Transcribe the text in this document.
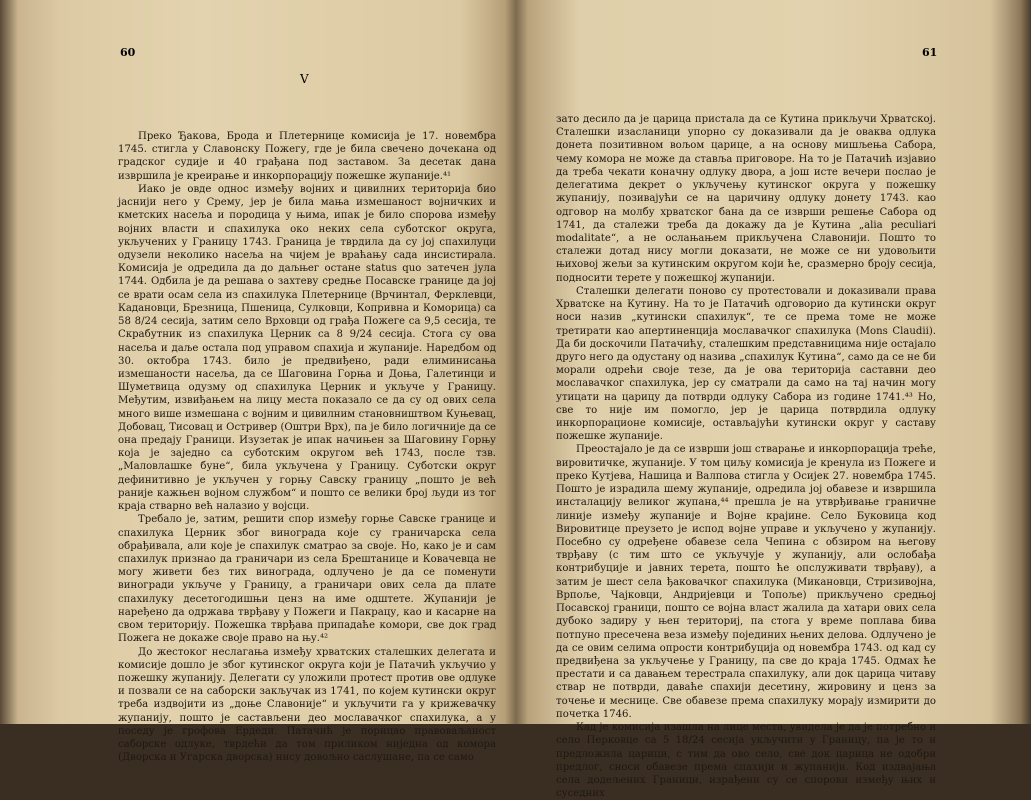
60	61
V

Преко Ђакова, Брода и Плетернице комисија је 17. новембра 1745. стигла у Славонску Пожегу, где је била свечено дочекана од градског судије и 40 грађана под заставом. За десетак дана извршила је креирање и инкорпорацију пожешке жупаније.⁴¹

Иако је овде однос између војних и цивилних територија био јаснији него у Срему, јер је била мања измешаност војничких и кметских насеља и породица у њима, ипак је било спорова између војних власти и спахилука око неких села суботског округа, укључених у Границу 1743. Граница је тврдила да су јој спахилуци одузели неколико насеља на чијем је враћању сада инсистирала. Комисија је одредила да до даљњег остане status quo затечен јула 1744. Одбила је да решава о захтеву средње Посавске границе да јој се врати осам села из спахилука Плетернице (Врчинтал, Ферклевци, Кадановци, Брезница, Пшеница, Сулковци, Копривна и Коморица) са 58 8/24 сесија, затим село Врховци од грађа Пожеге са 9,5 сесија, те Скрабутник из спахилука Церник са 8 9/24 сесија. Стога су ова насеља и даље остала под управом спахија и жупаније. Наредбом од 30. октобра 1743. било је предвиђено, ради елиминисања измешаности насеља, да се Шаговина Горња и Доња, Галетинци и Шуметвица одузму од спахилука Церник и укључе у Границу. Међутим, извиђањем на лицу места показало се да су од ових села много више измешана с војним и цивилним становништвом Куњевац, Добовац, Тисовац и Остривер (Оштри Врх), па је било логичније да се она предају Граници. Изузетак је ипак начињен за Шаговину Горњу која је заједно са суботским округом већ 1743, после тзв. „Маловлашке буне“, била укључена у Границу. Суботски округ дефинитивно је укључен у горњу Савску границу „пошто је већ раније кажњен војном службом“ и пошто се велики број људи из тог краја стварно већ налазио у војсци.

Требало је, затим, решити спор између горње Савске границе и спахилука Церник због винограда које су граничарска села обрађивала, али које је спахилук сматрао за своје. Но, како је и сам спахилук признао да граничари из села Брештанице и Ковачевца не могу живети без тих винограда, одлучено је да се поменути виногради укључе у Границу, а граничари ових села да плате спахилуку десетогодишњи ценз на име одштете. Жупанији је наређено да одржава тврђаву у Пожеги и Пакрацу, као и касарне на свом територију. Пожешка тврђава припадаће комори, све док град Пожега не докаже своје право на њу.⁴²

До жестоког неслагања између хрватских сталешких делегата и комисије дошло је због кутинског округа који је Патачић укључио у пожешку жупанију. Делегати су уложили протест против ове одлуке и позвали се на саборски закључак из 1741, по којем кутински округ треба издвојити из „доње Славоније“ и укључити га у крижевачку жупанију, пошто је састављени део мославачког спахилука, а у поседу је грофова Ердеди. Патачић је порицао правоваљаност саборске одлуке, тврдећи да том приликом ниједна од комора (Дворска и Угарска дворска) нису довољно саслушане, па се само

зато десило да је царица пристала да се Кутина прикључи Хрватској. Сталешки изасланици упорно су доказивали да је оваква одлука донета позитивном вољом царице, а на основу мишљења Сабора, чему комора не може да ставља приговоре. На то је Патачић изјавио да треба чекати коначну одлуку двора, а још исте вечери послао је делегатима декрет о укључењу кутинског округа у пожешку жупанију, позивајући се на царичину одлуку донету 1743. као одговор на молбу хрватског бана да се изврши решење Сабора од 1741, да сталежи треба да докажу да је Кутина „alia peculiari modalitate“, а не ослањањем прикључена Славонији. Пошто то сталежи дотад нису могли доказати, не може се ни удовољити њиховој жељи за кутинским округом који ће, сразмерно броју сесија, подносити терете у пожешкој жупанији.

Сталешки делегати поново су протестовали и доказивали права Хрватске на Кутину. На то је Патачић одговорио да кутински округ носи назив „кутински спахилук“, те се према томе не може третирати као апертиненција мославачког спахилука (Mons Claudii). Да би доскочили Патачићу, сталешким представницима није остајало друго него да одустану од назива „спахилук Кутина“, само да се не би морали одрећи своје тезе, да је ова територија саставни део мославачког спахилука, јер су сматрали да само на тај начин могу утицати на царицу да потврди одлуку Сабора из године 1741.⁴³ Но, све то није им помогло, јер је царица потврдила одлуку инкорпорационе комисије, остављајући кутински округ у саставу пожешке жупаније.

Преостајало је да се изврши још стварање и инкорпорација треће, вировитичке, жупаније. У том циљу комисија је кренула из Пожеге и преко Кутјева, Нашица и Валпова стигла у Осијек 27. новембра 1745. Пошто је израдила шему жупаније, одредила јој обавезе и извршила инсталацију великог жупана,⁴⁴ прешла је на утврђивање граничне линије између жупаније и Војне крајине. Село Буковица код Вировитице преузето је испод војне управе и укључено у жупанију. Посебно су одређене обавезе села Чепина с обзиром на његову тврђаву (с тим што се укључује у жупанију, али ослобађа контрибуције и јавних терета, пошто ће опслуживати тврђаву), а затим је шест села ђаковачког спахилука (Микановци, Стризивојна, Врпоље, Чајковци, Андријевци и Топоље) прикључено средњој Посавској граници, пошто се војна власт жалила да хатари ових села дубоко задиру у њен териториј, па стога у време поплава бива потпуно пресечена веза између појединих њених делова. Одлучено је да се овим селима опрости контрибуција од новембра 1743. од кад су предвиђена за укључење у Границу, па све до краја 1745. Одмах ће престати и са давањем терестрала спахилуку, али док царица читаву ствар не потврди, даваће спахији десетину, жировину и ценз за точење и меснице. Све обавезе према спахилуку морају измирити до почетка 1746.

Кад је комисија изашла на лице места, увидела је да је потребно и село Перковце са 5 18/24 сесија укључити у Границу, па је то и предложила царици, с тим да ово село, све док царица не одобри предлог, сноси обавезе према спахији и жупанији. Код издвајања села додељених Граници, израђени су се спорови између њих и суседних
